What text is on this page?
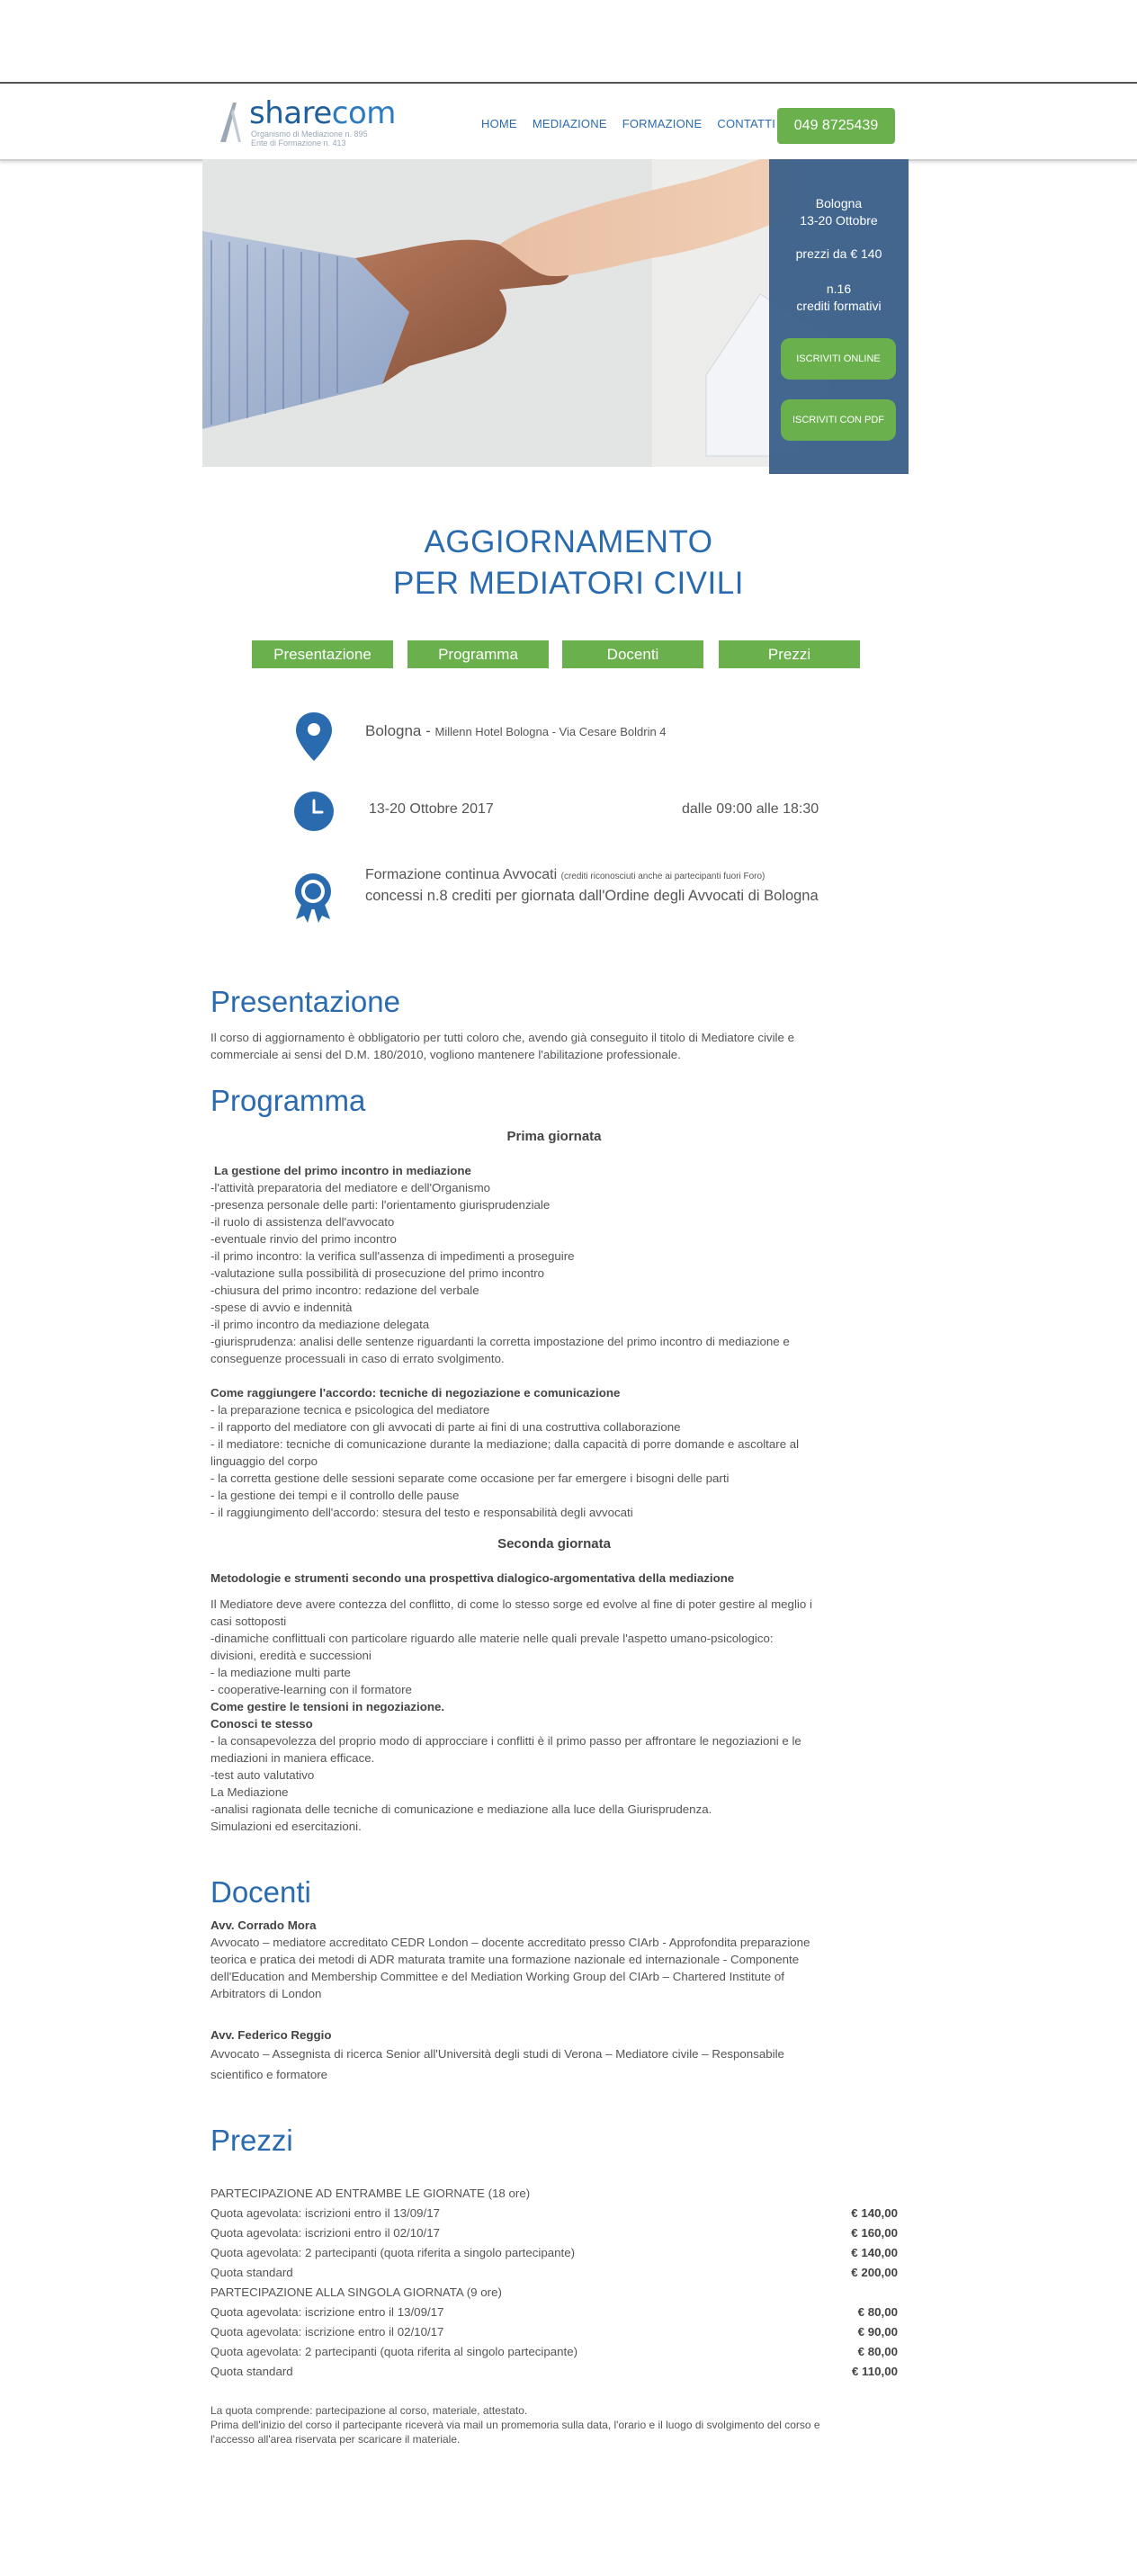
sharecom
Organismo di Mediazione n. 895
Ente di Formazione n. 413
HOME MEDIAZIONE FORMAZIONE CONTATTI	049 8725439
Bologna
13-20 Ottobre
prezzi da € 140
n.16
crediti formativi
ISCRIVITI ONLINE
ISCRIVITI CON PDF
AGGIORNAMENTO
PER MEDIATORI CIVILI
Presentazione	Programma	Docenti	Prezzi
Bologna - Millenn Hotel Bologna - Via Cesare Boldrin 4
13-20 Ottobre 2017	dalle 09:00 alle 18:30
Formazione continua Avvocati (crediti riconosciuti anche ai partecipanti fuori Foro)
concessi n.8 crediti per giornata dall'Ordine degli Avvocati di Bologna
Presentazione
Il corso di aggiornamento è obbligatorio per tutti coloro che, avendo già conseguito il titolo di Mediatore civile e
commerciale ai sensi del D.M. 180/2010, vogliono mantenere l'abilitazione professionale.
Programma
Prima giornata
La gestione del primo incontro in mediazione
-l'attività preparatoria del mediatore e dell'Organismo
-presenza personale delle parti: l'orientamento giurisprudenziale
-il ruolo di assistenza dell'avvocato
-eventuale rinvio del primo incontro
-il primo incontro: la verifica sull'assenza di impedimenti a proseguire
-valutazione sulla possibilità di prosecuzione del primo incontro
-chiusura del primo incontro: redazione del verbale
-spese di avvio e indennità
-il primo incontro da mediazione delegata
-giurisprudenza: analisi delle sentenze riguardanti la corretta impostazione del primo incontro di mediazione e
conseguenze processuali in caso di errato svolgimento.
Come raggiungere l'accordo: tecniche di negoziazione e comunicazione
- la preparazione tecnica e psicologica del mediatore
- il rapporto del mediatore con gli avvocati di parte ai fini di una costruttiva collaborazione
- il mediatore: tecniche di comunicazione durante la mediazione; dalla capacità di porre domande e ascoltare al
linguaggio del corpo
- la corretta gestione delle sessioni separate come occasione per far emergere i bisogni delle parti
- la gestione dei tempi e il controllo delle pause
- il raggiungimento dell'accordo: stesura del testo e responsabilità degli avvocati
Seconda giornata
Metodologie e strumenti secondo una prospettiva dialogico-argomentativa della mediazione
Il Mediatore deve avere contezza del conflitto, di come lo stesso sorge ed evolve al fine di poter gestire al meglio i
casi sottoposti
-dinamiche conflittuali con particolare riguardo alle materie nelle quali prevale l'aspetto umano-psicologico:
divisioni, eredità e successioni
- la mediazione multi parte
- cooperative-learning con il formatore
Come gestire le tensioni in negoziazione.
Conosci te stesso
- la consapevolezza del proprio modo di approcciare i conflitti è il primo passo per affrontare le negoziazioni e le
mediazioni in maniera efficace.
-test auto valutativo
La Mediazione
-analisi ragionata delle tecniche di comunicazione e mediazione alla luce della Giurisprudenza.
Simulazioni ed esercitazioni.
Docenti
Avv. Corrado Mora
Avvocato – mediatore accreditato CEDR London – docente accreditato presso CIArb - Approfondita preparazione
teorica e pratica dei metodi di ADR maturata tramite una formazione nazionale ed internazionale - Componente
dell'Education and Membership Committee e del Mediation Working Group del CIArb – Chartered Institute of
Arbitrators di London
Avv. Federico Reggio
Avvocato – Assegnista di ricerca Senior all'Università degli studi di Verona – Mediatore civile – Responsabile
scientifico e formatore
Prezzi
PARTECIPAZIONE AD ENTRAMBE LE GIORNATE (18 ore)
Quota agevolata: iscrizioni entro il 13/09/17	€ 140,00
Quota agevolata: iscrizioni entro il 02/10/17	€ 160,00
Quota agevolata: 2 partecipanti (quota riferita a singolo partecipante)	€ 140,00
Quota standard	€ 200,00
PARTECIPAZIONE ALLA SINGOLA GIORNATA (9 ore)
Quota agevolata: iscrizione entro il 13/09/17	€ 80,00
Quota agevolata: iscrizione entro il 02/10/17	€ 90,00
Quota agevolata: 2 partecipanti (quota riferita al singolo partecipante)	€ 80,00
Quota standard	€ 110,00
La quota comprende: partecipazione al corso, materiale, attestato.
Prima dell'inizio del corso il partecipante riceverà via mail un promemoria sulla data, l'orario e il luogo di svolgimento del corso e
l'accesso all'area riservata per scaricare il materiale.
